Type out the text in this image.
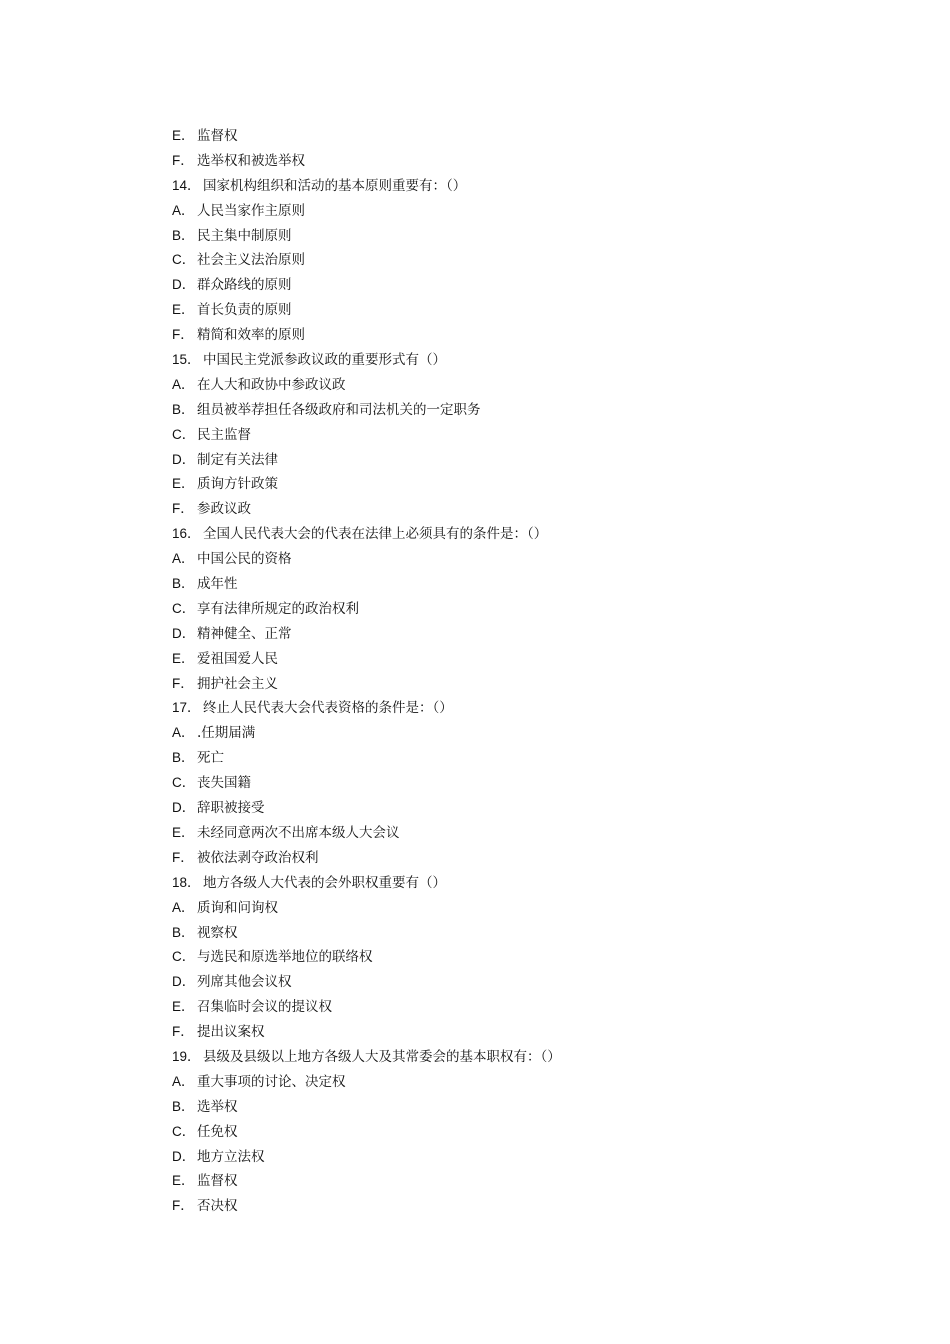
E． 监督权
F． 选举权和被选举权
14． 国家机构组织和活动的基本原则重要有：（）
A． 人民当家作主原则
B． 民主集中制原则
C． 社会主义法治原则
D． 群众路线的原则
E． 首长负责的原则
F． 精简和效率的原则
15． 中国民主党派参政议政的重要形式有（）
A． 在人大和政协中参政议政
B． 组员被举荐担任各级政府和司法机关的一定职务
C． 民主监督
D． 制定有关法律
E． 质询方针政策
F． 参政议政
16． 全国人民代表大会的代表在法律上必须具有的条件是：（）
A． 中国公民的资格
B． 成年性
C． 享有法律所规定的政治权利
D． 精神健全、正常
E． 爱祖国爱人民
F． 拥护社会主义
17． 终止人民代表大会代表资格的条件是：（）
A． .任期届满
B． 死亡
C． 丧失国籍
D． 辞职被接受
E． 未经同意两次不出席本级人大会议
F． 被依法剥夺政治权利
18． 地方各级人大代表的会外职权重要有（）
A． 质询和问询权
B． 视察权
C． 与选民和原选举地位的联络权
D． 列席其他会议权
E． 召集临时会议的提议权
F． 提出议案权
19． 县级及县级以上地方各级人大及其常委会的基本职权有：（）
A． 重大事项的讨论、决定权
B． 选举权
C． 任免权
D． 地方立法权
E． 监督权
F． 否决权
